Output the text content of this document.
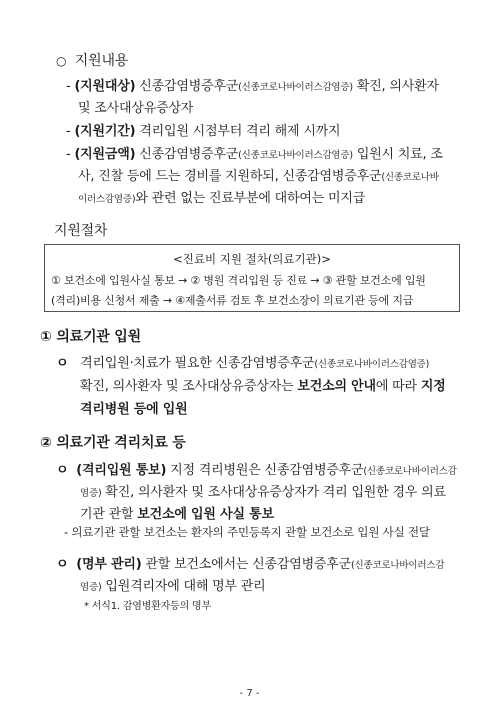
○ 지원내용
- (지원대상) 신종감염병증후군(신종코로나바이러스감염증) 확진, 의사환자
및 조사대상유증상자
- (지원기간) 격리입원 시점부터 격리 해제 시까지
- (지원금액) 신종감염병증후군(신종코로나바이러스감염증) 입원시 치료, 조
사, 진찰 등에 드는 경비를 지원하되, 신종감염병증후군(신종코로나바
이러스감염증)와 관련 없는 진료부분에 대하여는 미지급
지원절차
<진료비 지원 절차(의료기관)>
① 보건소에 입원사실 통보 → ② 병원 격리입원 등 진료 → ③ 관할 보건소에 입원
(격리)비용 신청서 제출 → ④제출서류 검토 후 보건소장이 의료기관 등에 지급
① 의료기관 입원
ㅇ 격리입원·치료가 필요한 신종감염병증후군(신종코로나바이러스감염증)
확진, 의사환자 및 조사대상유증상자는 보건소의 안내에 따라 지정
격리병원 등에 입원
② 의료기관 격리치료 등
ㅇ (격리입원 통보) 지정 격리병원은 신종감염병증후군(신종코로나바이러스감
염증) 확진, 의사환자 및 조사대상유증상자가 격리 입원한 경우 의료
기관 관할 보건소에 입원 사실 통보
- 의료기관 관할 보건소는 환자의 주민등록지 관할 보건소로 입원 사실 전달
ㅇ (명부 관리) 관할 보건소에서는 신종감염병증후군(신종코로나바이러스감
염증) 입원격리자에 대해 명부 관리
* 서식1. 감염병환자등의 명부
- 7 -
